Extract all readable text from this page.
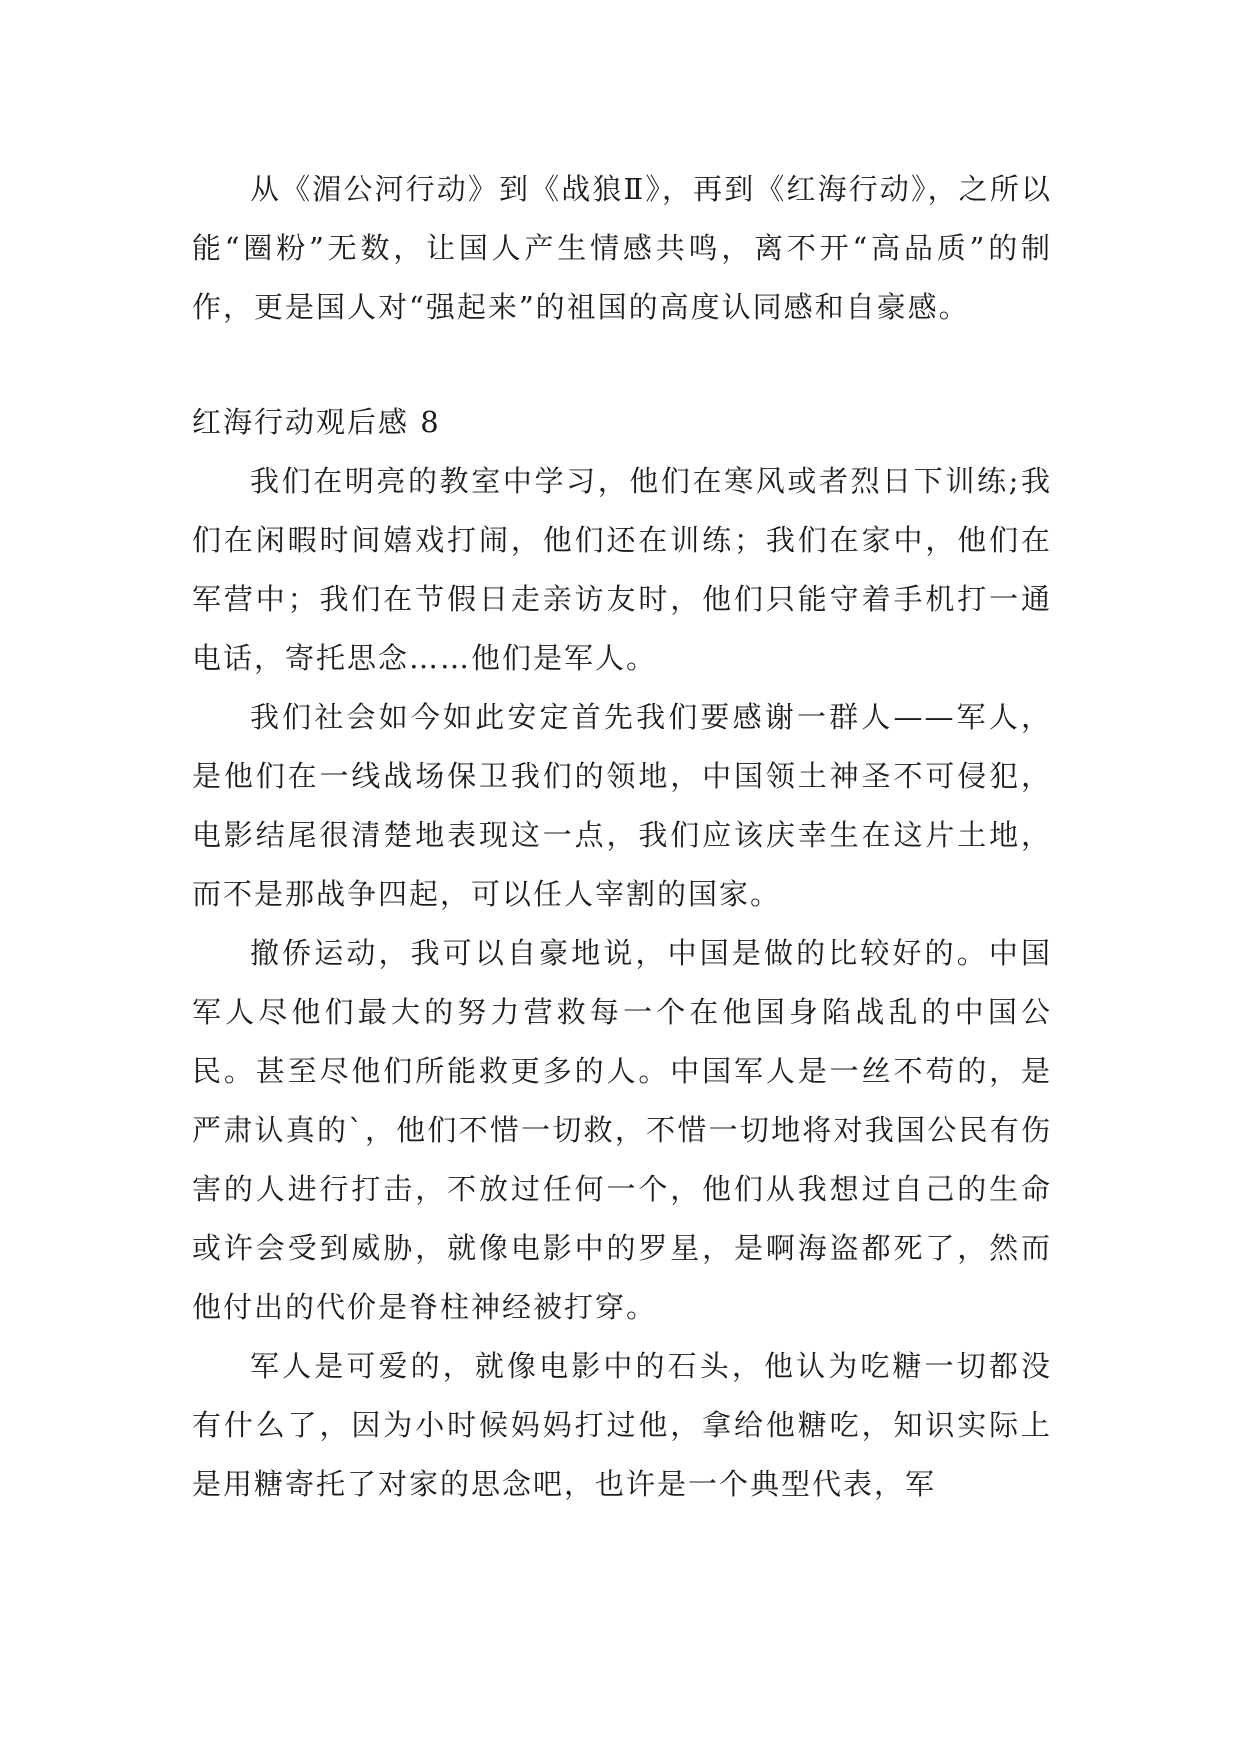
从《湄公河行动》到《战狼Ⅱ》，再到《红海行动》，之所以能“圈粉”无数，让国人产生情感共鸣，离不开“高品质”的制作，更是国人对“强起来”的祖国的高度认同感和自豪感。

红海行动观后感 8

我们在明亮的教室中学习，他们在寒风或者烈日下训练;我们在闲暇时间嬉戏打闹，他们还在训练；我们在家中，他们在军营中；我们在节假日走亲访友时，他们只能守着手机打一通电话，寄托思念……他们是军人。

我们社会如今如此安定首先我们要感谢一群人——军人，是他们在一线战场保卫我们的领地，中国领土神圣不可侵犯，电影结尾很清楚地表现这一点，我们应该庆幸生在这片土地，而不是那战争四起，可以任人宰割的国家。

撤侨运动，我可以自豪地说，中国是做的比较好的。中国军人尽他们最大的努力营救每一个在他国身陷战乱的中国公民。甚至尽他们所能救更多的人。中国军人是一丝不苟的，是严肃认真的`，他们不惜一切救，不惜一切地将对我国公民有伤害的人进行打击，不放过任何一个，他们从我想过自己的生命或许会受到威胁，就像电影中的罗星，是啊海盗都死了，然而他付出的代价是脊柱神经被打穿。

军人是可爱的，就像电影中的石头，他认为吃糖一切都没有什么了，因为小时候妈妈打过他，拿给他糖吃，知识实际上是用糖寄托了对家的思念吧，也许是一个典型代表，军
